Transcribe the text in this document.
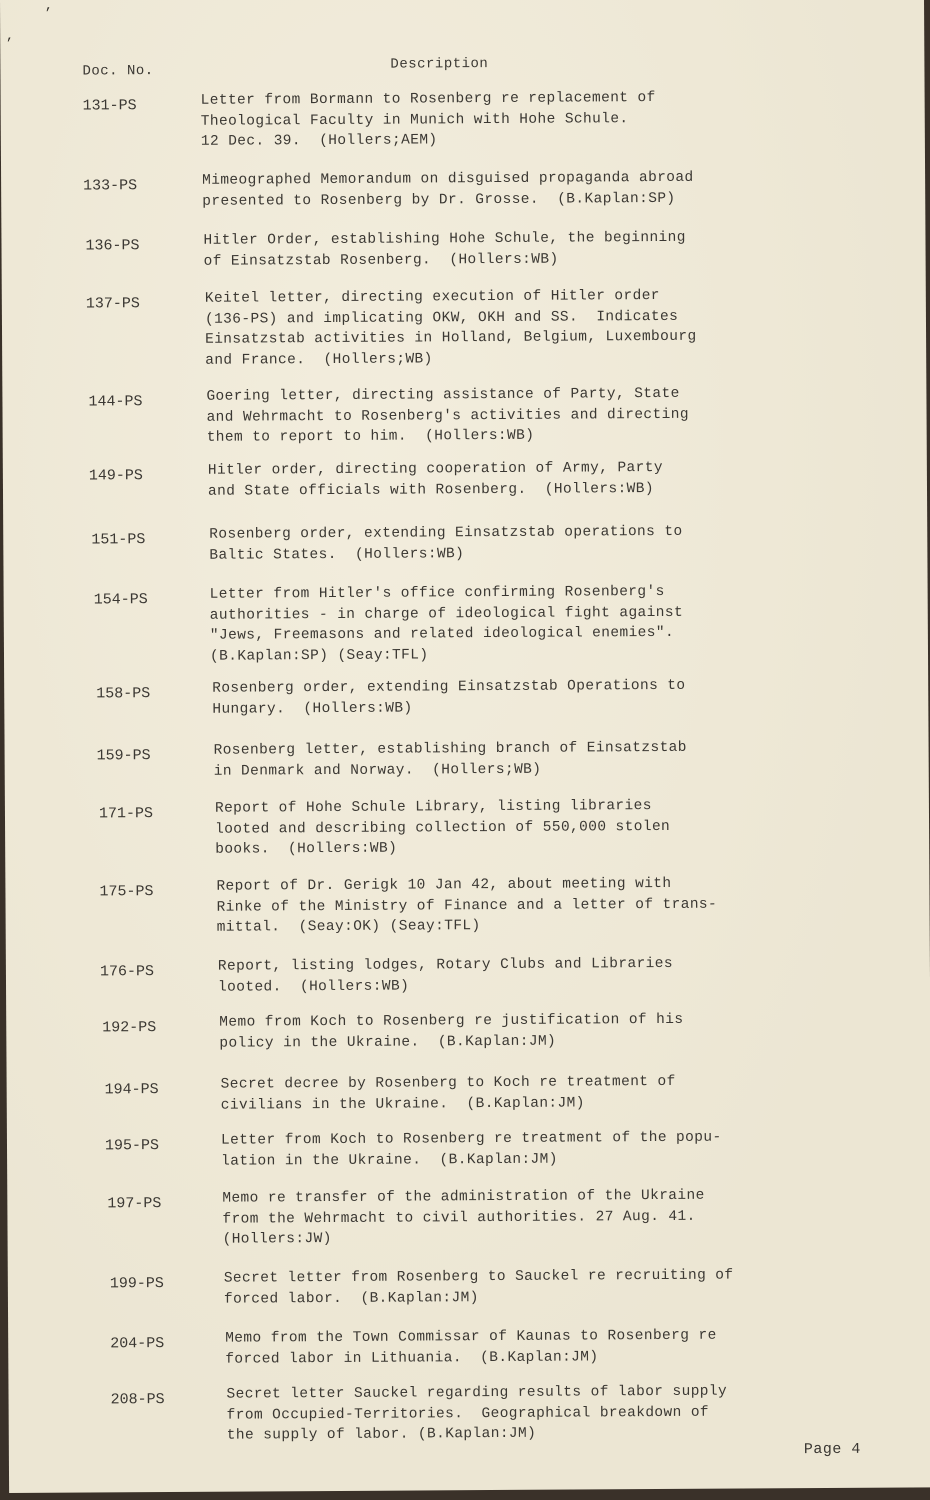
’
’
Doc. No.	Description
131-PS	Letter from Bormann to Rosenberg re replacement of
Theological Faculty in Munich with Hohe Schule.
12 Dec. 39.  (Hollers;AEM)
133-PS	Mimeographed Memorandum on disguised propaganda abroad
presented to Rosenberg by Dr. Grosse.  (B.Kaplan:SP)
136-PS	Hitler Order, establishing Hohe Schule, the beginning
of Einsatzstab Rosenberg.  (Hollers:WB)
137-PS	Keitel letter, directing execution of Hitler order
(136-PS) and implicating OKW, OKH and SS.  Indicates
Einsatzstab activities in Holland, Belgium, Luxembourg
and France.  (Hollers;WB)
144-PS	Goering letter, directing assistance of Party, State
and Wehrmacht to Rosenberg's activities and directing
them to report to him.  (Hollers:WB)
149-PS	Hitler order, directing cooperation of Army, Party
and State officials with Rosenberg.  (Hollers:WB)
151-PS	Rosenberg order, extending Einsatzstab operations to
Baltic States.  (Hollers:WB)
154-PS	Letter from Hitler's office confirming Rosenberg's
authorities - in charge of ideological fight against
"Jews, Freemasons and related ideological enemies".
(B.Kaplan:SP) (Seay:TFL)
158-PS	Rosenberg order, extending Einsatzstab Operations to
Hungary.  (Hollers:WB)
159-PS	Rosenberg letter, establishing branch of Einsatzstab
in Denmark and Norway.  (Hollers;WB)
171-PS	Report of Hohe Schule Library, listing libraries
looted and describing collection of 550,000 stolen
books.  (Hollers:WB)
175-PS	Report of Dr. Gerigk 10 Jan 42, about meeting with
Rinke of the Ministry of Finance and a letter of trans-
mittal.  (Seay:OK) (Seay:TFL)
176-PS	Report, listing lodges, Rotary Clubs and Libraries
looted.  (Hollers:WB)
192-PS	Memo from Koch to Rosenberg re justification of his
policy in the Ukraine.  (B.Kaplan:JM)
194-PS	Secret decree by Rosenberg to Koch re treatment of
civilians in the Ukraine.  (B.Kaplan:JM)
195-PS	Letter from Koch to Rosenberg re treatment of the popu-
lation in the Ukraine.  (B.Kaplan:JM)
197-PS	Memo re transfer of the administration of the Ukraine
from the Wehrmacht to civil authorities. 27 Aug. 41.
(Hollers:JW)
199-PS	Secret letter from Rosenberg to Sauckel re recruiting of
forced labor.  (B.Kaplan:JM)
204-PS	Memo from the Town Commissar of Kaunas to Rosenberg re
forced labor in Lithuania.  (B.Kaplan:JM)
208-PS	Secret letter Sauckel regarding results of labor supply
from Occupied-Territories.  Geographical breakdown of
the supply of labor. (B.Kaplan:JM)
Page 4
